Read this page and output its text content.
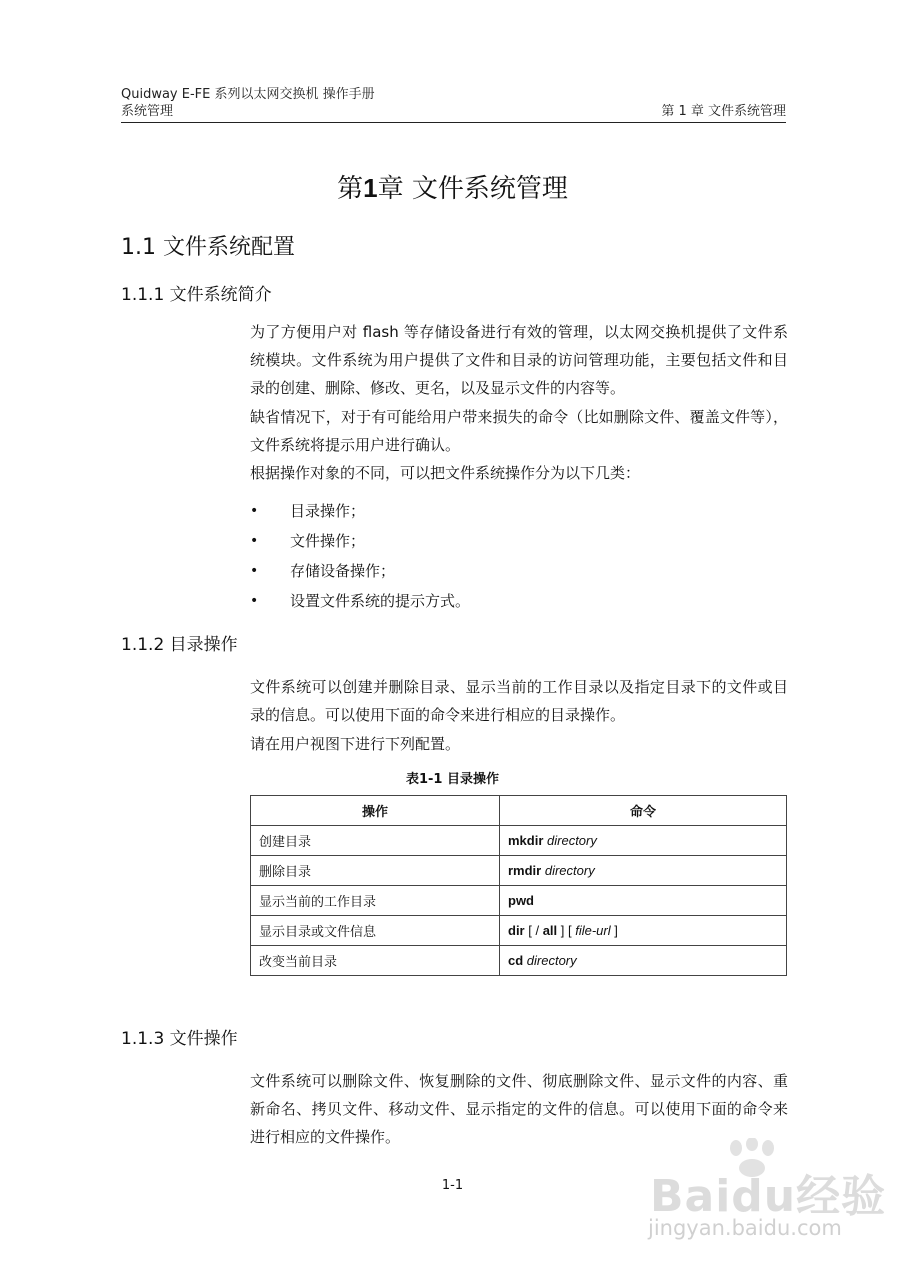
Quidway E-FE 系列以太网交换机 操作手册
系统管理	第 1 章 文件系统管理
第1章 文件系统管理
1.1 文件系统配置
1.1.1 文件系统简介

为了方便用户对 flash 等存储设备进行有效的管理，以太网交换机提供了文件系统模块。文件系统为用户提供了文件和目录的访问管理功能，主要包括文件和目录的创建、删除、修改、更名，以及显示文件的内容等。

缺省情况下，对于有可能给用户带来损失的命令（比如删除文件、覆盖文件等），文件系统将提示用户进行确认。

根据操作对象的不同，可以把文件系统操作分为以下几类：

• 目录操作；
• 文件操作；
• 存储设备操作；
• 设置文件系统的提示方式。
1.1.2 目录操作

文件系统可以创建并删除目录、显示当前的工作目录以及指定目录下的文件或目录的信息。可以使用下面的命令来进行相应的目录操作。

请在用户视图下进行下列配置。

表1-1 目录操作
操作	命令
创建目录	mkdir directory
删除目录	rmdir directory
显示当前的工作目录	pwd
显示目录或文件信息	dir [ / all ] [ file-url ]
改变当前目录	cd directory
1.1.3 文件操作

文件系统可以删除文件、恢复删除的文件、彻底删除文件、显示文件的内容、重新命名、拷贝文件、移动文件、显示指定的文件的信息。可以使用下面的命令来进行相应的文件操作。

1-1	Baidu经验
jingyan.baidu.com
